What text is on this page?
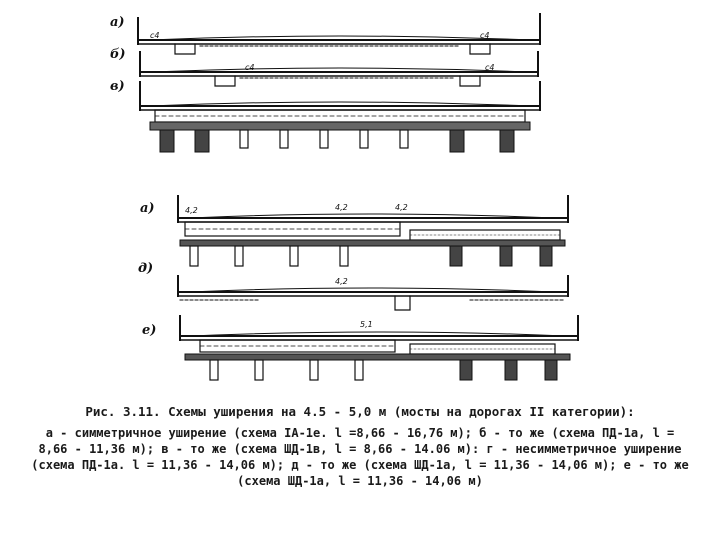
а)
б)
в)
с4	с4
с4	с4
а)
д)
е)
4,2	4,2	4,2
4,2
5,1

Рис. 3.11. Схемы уширения на 4.5 - 5,0 м (мосты на дорогах II категории):

а - симметричное уширение (схема IA-1е. l =8,66 - 16,76 м); б - то же (схема ПД-1а, l = 8,66 - 11,36 м); в - то же (схема ШД-1в, l = 8,66 - 14.06 м): г - несимметричное уширение (схема ПД-1а. l = 11,36 - 14,06 м); д - то же (схема ШД-1а, l = 11,36 - 14,06 м); е - то же (схема ШД-1а, l = 11,36 - 14,06 м)
